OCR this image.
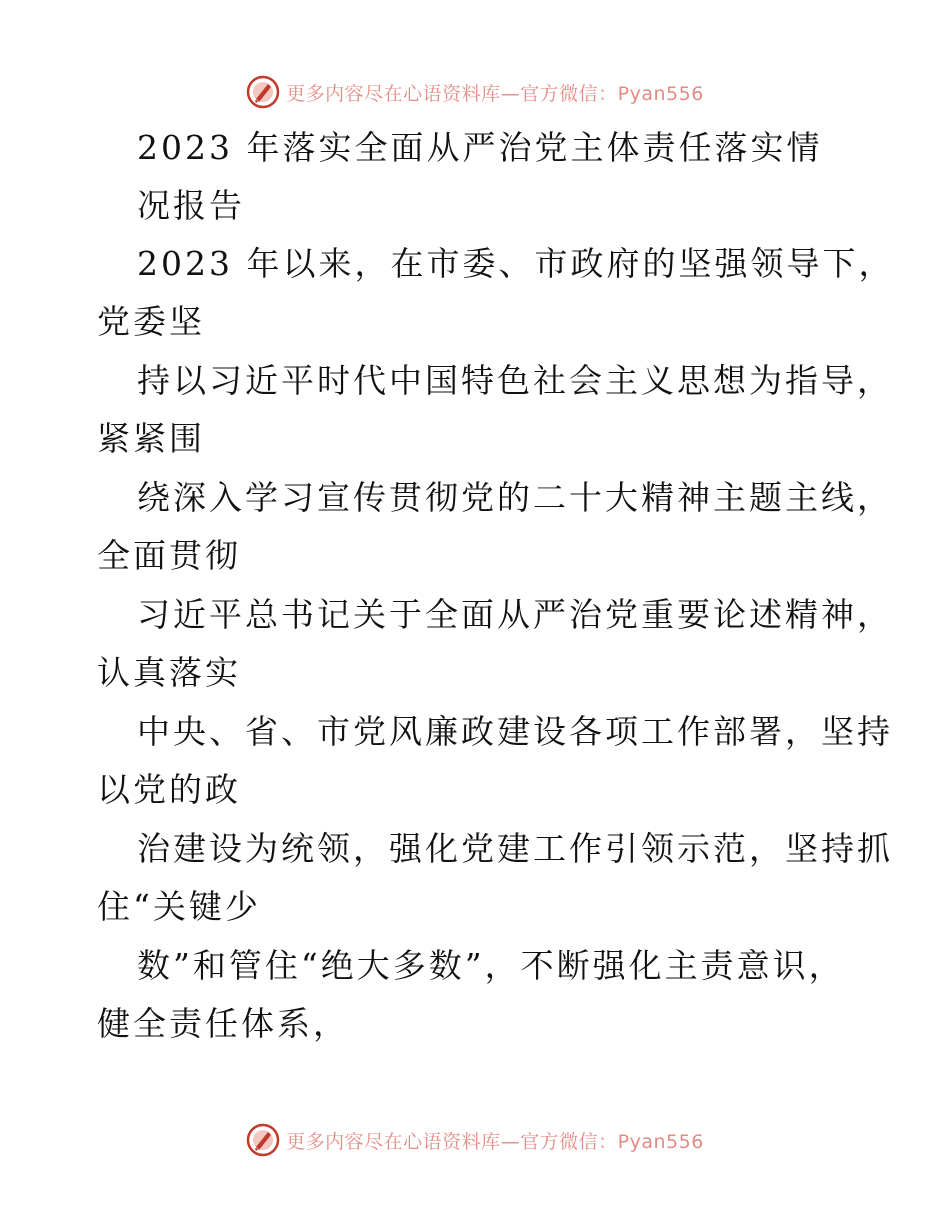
更多内容尽在心语资料库—官方微信：Pyan556
2023 年落实全面从严治党主体责任落实情
况报告
2023 年以来，在市委、市政府的坚强领导下，
党委坚
持以习近平时代中国特色社会主义思想为指导，
紧紧围
绕深入学习宣传贯彻党的二十大精神主题主线，
全面贯彻
习近平总书记关于全面从严治党重要论述精神，
认真落实
中央、省、市党风廉政建设各项工作部署，坚持
以党的政
治建设为统领，强化党建工作引领示范，坚持抓
住“关键少
数”和管住“绝大多数”，不断强化主责意识，
健全责任体系，
更多内容尽在心语资料库—官方微信：Pyan556
